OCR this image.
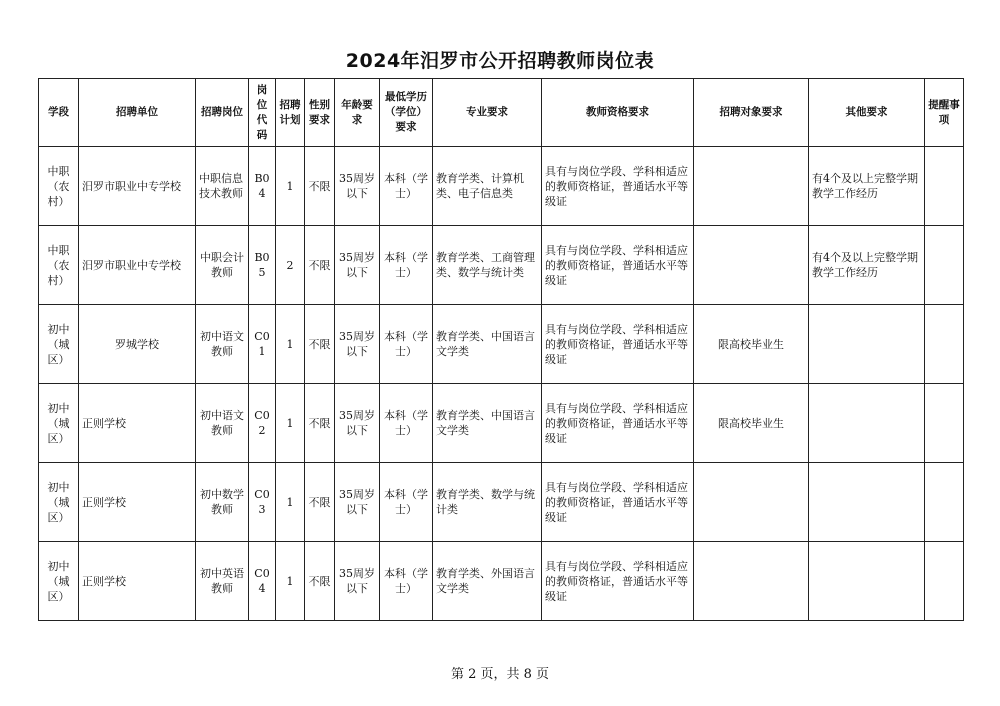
2024年汨罗市公开招聘教师岗位表
学段	招聘单位	招聘岗位	岗位代码	招聘计划	性别要求	年龄要求	最低学历（学位）要求	专业要求	教师资格要求	招聘对象要求	其他要求	提醒事项
中职（农村）	汨罗市职业中专学校	中职信息技术教师	B04	1	不限	35周岁以下	本科（学士）	教育学类、计算机类、电子信息类	具有与岗位学段、学科相适应的教师资格证，普通话水平等级证		有4个及以上完整学期教学工作经历	
中职（农村）	汨罗市职业中专学校	中职会计教师	B05	2	不限	35周岁以下	本科（学士）	教育学类、工商管理类、数学与统计类	具有与岗位学段、学科相适应的教师资格证，普通话水平等级证		有4个及以上完整学期教学工作经历	
初中（城区）	罗城学校	初中语文教师	C01	1	不限	35周岁以下	本科（学士）	教育学类、中国语言文学类	具有与岗位学段、学科相适应的教师资格证，普通话水平等级证	限高校毕业生		
初中（城区）	正则学校	初中语文教师	C02	1	不限	35周岁以下	本科（学士）	教育学类、中国语言文学类	具有与岗位学段、学科相适应的教师资格证，普通话水平等级证	限高校毕业生		
初中（城区）	正则学校	初中数学教师	C03	1	不限	35周岁以下	本科（学士）	教育学类、数学与统计类	具有与岗位学段、学科相适应的教师资格证，普通话水平等级证			
初中（城区）	正则学校	初中英语教师	C04	1	不限	35周岁以下	本科（学士）	教育学类、外国语言文学类	具有与岗位学段、学科相适应的教师资格证，普通话水平等级证			
第 2 页，共 8 页
